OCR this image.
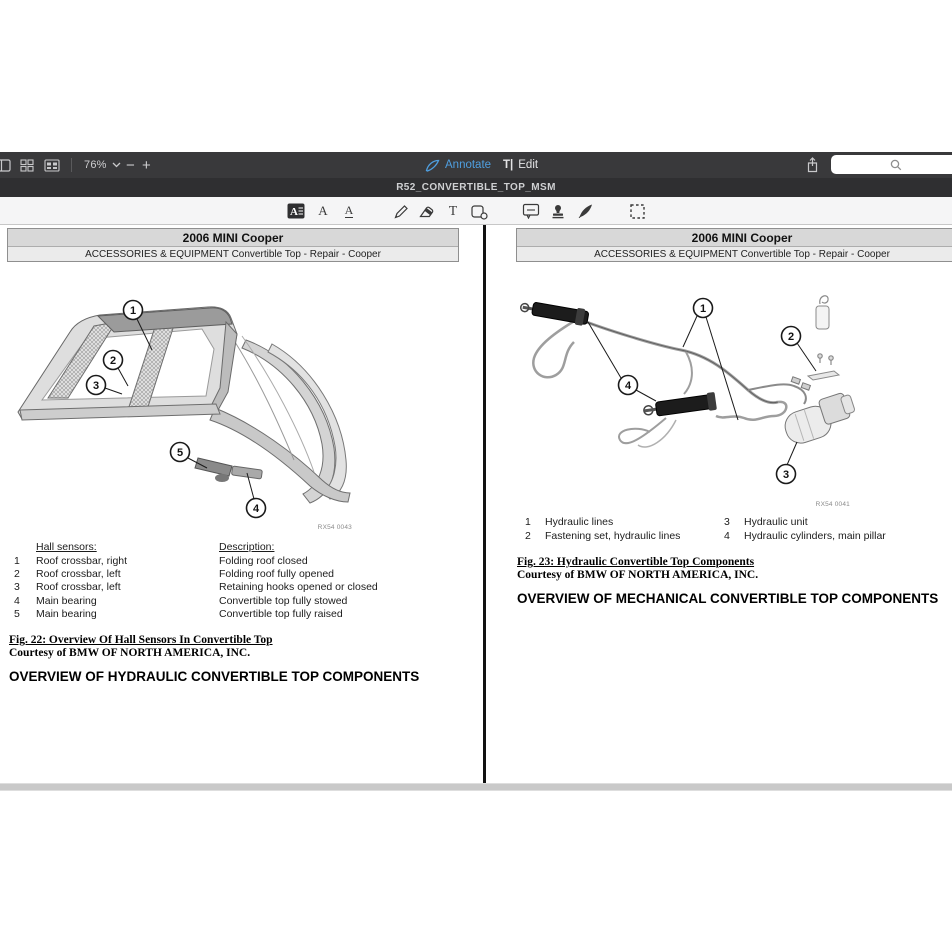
76% − +	Annotate T| Edit
R52_CONVERTIBLE_TOP_MSM
A A A	T
2006 MINI Cooper
ACCESSORIES & EQUIPMENT Convertible Top - Repair - Cooper
1
2
3
5
4
RX54 0043
Hall sensors:	Description:
1 Roof crossbar, right	Folding roof closed
2 Roof crossbar, left	Folding roof fully opened
3 Roof crossbar, left	Retaining hooks opened or closed
4 Main bearing	Convertible top fully stowed
5 Main bearing	Convertible top fully raised
Fig. 22: Overview Of Hall Sensors In Convertible Top
Courtesy of BMW OF NORTH AMERICA, INC.
OVERVIEW OF HYDRAULIC CONVERTIBLE TOP COMPONENTS
2006 MINI Cooper
ACCESSORIES & EQUIPMENT Convertible Top - Repair - Cooper
1
2
4
3
RX54 0041
1 Hydraulic lines	3 Hydraulic unit
2 Fastening set, hydraulic lines	4 Hydraulic cylinders, main pillar
Fig. 23: Hydraulic Convertible Top Components
Courtesy of BMW OF NORTH AMERICA, INC.
OVERVIEW OF MECHANICAL CONVERTIBLE TOP COMPONENTS
